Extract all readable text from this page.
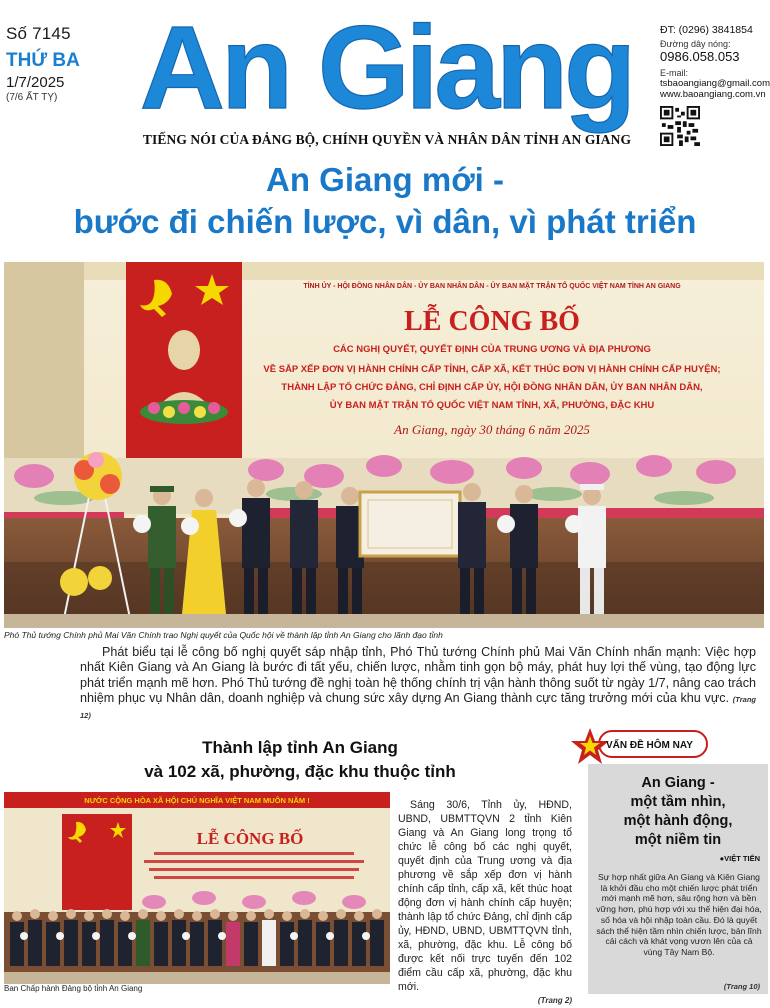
Số 7145
THỨ BA
1/7/2025
(7/6 ẤT TỴ) An Giang
TIẾNG NÓI CỦA ĐẢNG BỘ, CHÍNH QUYỀN VÀ NHÂN DÂN TỈNH AN GIANG
ĐT: (0296) 3841854
Đường dây nóng:
0986.058.053
E-mail:
tsbaoangiang@gmail.com
www.baoangiang.com.vn
An Giang mới -
bước đi chiến lược, vì dân, vì phát triển
TỈNH ỦY - HỘI ĐỒNG NHÂN DÂN - ỦY BAN NHÂN DÂN - ỦY BAN MẶT TRẬN TỔ QUỐC VIỆT NAM TỈNH AN GIANG
LỄ CÔNG BỐ
CÁC NGHỊ QUYẾT, QUYẾT ĐỊNH CỦA TRUNG ƯƠNG VÀ ĐỊA PHƯƠNG
VỀ SẮP XẾP ĐƠN VỊ HÀNH CHÍNH CẤP TỈNH, CẤP XÃ, KẾT THÚC ĐƠN VỊ HÀNH CHÍNH CẤP HUYỆN;
THÀNH LẬP TỔ CHỨC ĐẢNG, CHỈ ĐỊNH CẤP ỦY, HỘI ĐỒNG NHÂN DÂN, ỦY BAN NHÂN DÂN,
ỦY BAN MẶT TRẬN TỔ QUỐC VIỆT NAM TỈNH, XÃ, PHƯỜNG, ĐẶC KHU
An Giang, ngày 30 tháng 6 năm 2025
Phó Thủ tướng Chính phủ Mai Văn Chính trao Nghị quyết của Quốc hội về thành lập tỉnh An Giang cho lãnh đạo tỉnh

Phát biểu tại lễ công bố nghị quyết sáp nhập tỉnh, Phó Thủ tướng Chính phủ Mai Văn Chính nhấn mạnh: Việc hợp nhất Kiên Giang và An Giang là bước đi tất yếu, chiến lược, nhằm tinh gọn bộ máy, phát huy lợi thế vùng, tạo động lực phát triển mạnh mẽ hơn. Phó Thủ tướng đề nghị toàn hệ thống chính trị vận hành thông suốt từ ngày 1/7, nâng cao trách nhiệm phục vụ Nhân dân, doanh nghiệp và chung sức xây dựng An Giang thành cực tăng trưởng mới của khu vực. (Trang 12)

Thành lập tỉnh An Giang
và 102 xã, phường, đặc khu thuộc tỉnh
NƯỚC CỘNG HÒA XÃ HỘI CHỦ NGHĨA VIỆT NAM MUÔN NĂM !
LỄ CÔNG BỐ
Ban Chấp hành Đảng bộ tỉnh An Giang

Sáng 30/6, Tỉnh ủy, HĐND, UBND, UBMTTQVN 2 tỉnh Kiên Giang và An Giang long trọng tổ chức lễ công bố các nghị quyết, quyết định của Trung ương và địa phương về sắp xếp đơn vị hành chính cấp tỉnh, cấp xã, kết thúc hoạt động đơn vị hành chính cấp huyện; thành lập tổ chức Đảng, chỉ định cấp ủy, HĐND, UBND, UBMTTQVN tỉnh, xã, phường, đặc khu. Lễ công bố được kết nối trực tuyến đến 102 điểm cầu cấp xã, phường, đặc khu mới.
(Trang 2)

VẤN ĐỀ HÔM NAY
An Giang -
một tầm nhìn,
một hành động,
một niềm tin
●VIỆT TIẾN
Sự hợp nhất giữa An Giang và Kiên Giang là khởi đầu cho một chiến lược phát triển mới mạnh mẽ hơn, sâu rộng hơn và bền vững hơn, phù hợp với xu thế hiện đại hóa, số hóa và hội nhập toàn cầu. Đó là quyết sách thể hiện tầm nhìn chiến lược, bản lĩnh cải cách và khát vọng vươn lên của cả vùng Tây Nam Bộ.
(Trang 10)
